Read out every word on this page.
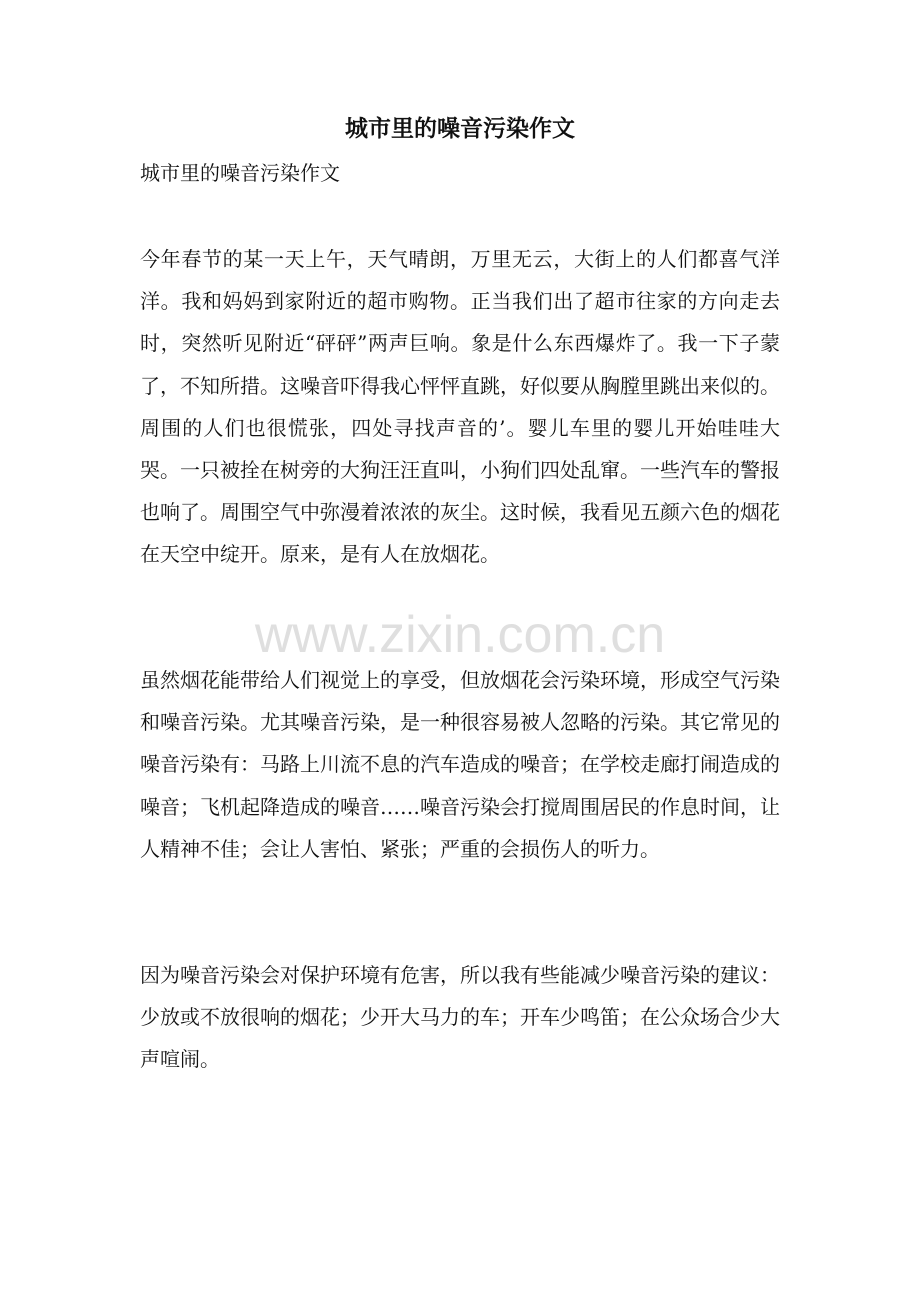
城市里的噪音污染作文
城市里的噪音污染作文
今年春节的某一天上午，天气晴朗，万里无云，大街上的人们都喜气洋洋。我和妈妈到家附近的超市购物。正当我们出了超市往家的方向走去时，突然听见附近“砰砰”两声巨响。象是什么东西爆炸了。我一下子蒙了，不知所措。这噪音吓得我心怦怦直跳，好似要从胸膛里跳出来似的。周围的人们也很慌张，四处寻找声音的’。婴儿车里的婴儿开始哇哇大哭。一只被拴在树旁的大狗汪汪直叫，小狗们四处乱窜。一些汽车的警报也响了。周围空气中弥漫着浓浓的灰尘。这时候，我看见五颜六色的烟花在天空中绽开。原来，是有人在放烟花。
虽然烟花能带给人们视觉上的享受，但放烟花会污染环境，形成空气污染和噪音污染。尤其噪音污染，是一种很容易被人忽略的污染。其它常见的噪音污染有：马路上川流不息的汽车造成的噪音；在学校走廊打闹造成的噪音；飞机起降造成的噪音……噪音污染会打搅周围居民的作息时间，让人精神不佳；会让人害怕、紧张；严重的会损伤人的听力。
因为噪音污染会对保护环境有危害，所以我有些能减少噪音污染的建议：少放或不放很响的烟花；少开大马力的车；开车少鸣笛；在公众场合少大声喧闹。
www.zixin.com.cn
